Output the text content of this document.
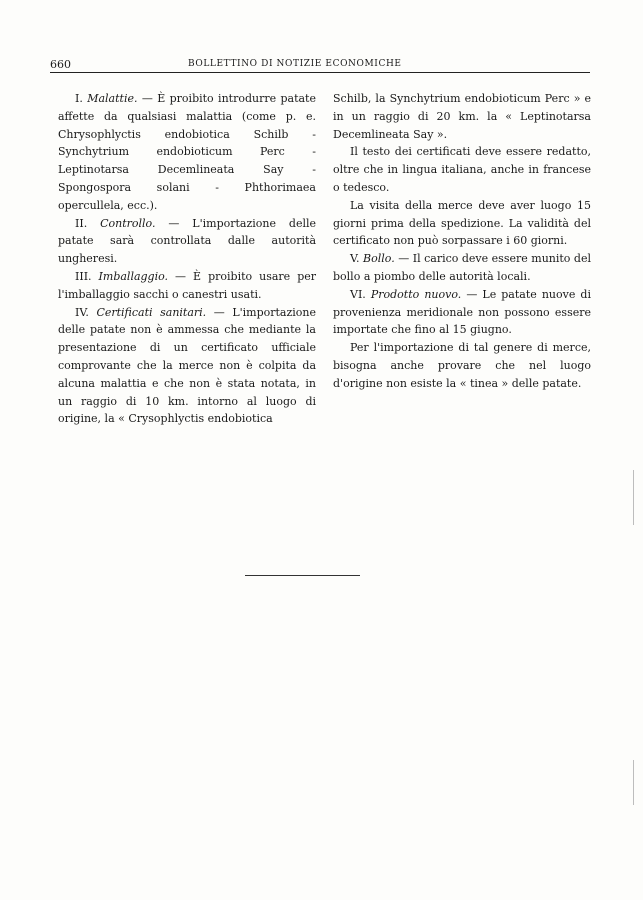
660	BOLLETTINO DI NOTIZIE ECONOMICHE

I. Malattie. — È proibito introdurre patate affette da qualsiasi malattia (come p. e. Chrysophlyctis endobiotica Schilb - Synchytrium endobioticum Perc - Leptinotarsa Decemlineata Say - Spongospora solani - Phthorimaea opercullela, ecc.).

II. Controllo. — L'importazione delle patate sarà controllata dalle autorità ungheresi.

III. Imballaggio. — È proibito usare per l'imballaggio sacchi o canestri usati.

IV. Certificati sanitari. — L'importazione delle patate non è ammessa che mediante la presentazione di un certificato ufficiale comprovante che la merce non è colpita da alcuna malattia e che non è stata notata, in un raggio di 10 km. intorno al luogo di origine, la « Crysophlyctis endobiotica

Schilb, la Synchytrium endobioticum Perc » e in un raggio di 20 km. la « Leptinotarsa Decemlineata Say ».

Il testo dei certificati deve essere redatto, oltre che in lingua italiana, anche in francese o tedesco.

La visita della merce deve aver luogo 15 giorni prima della spedizione. La validità del certificato non può sorpassare i 60 giorni.

V. Bollo. — Il carico deve essere munito del bollo a piombo delle autorità locali.

VI. Prodotto nuovo. — Le patate nuove di provenienza meridionale non possono essere importate che fino al 15 giugno.

Per l'importazione di tal genere di merce, bisogna anche provare che nel luogo d'origine non esiste la « tinea » delle patate.
